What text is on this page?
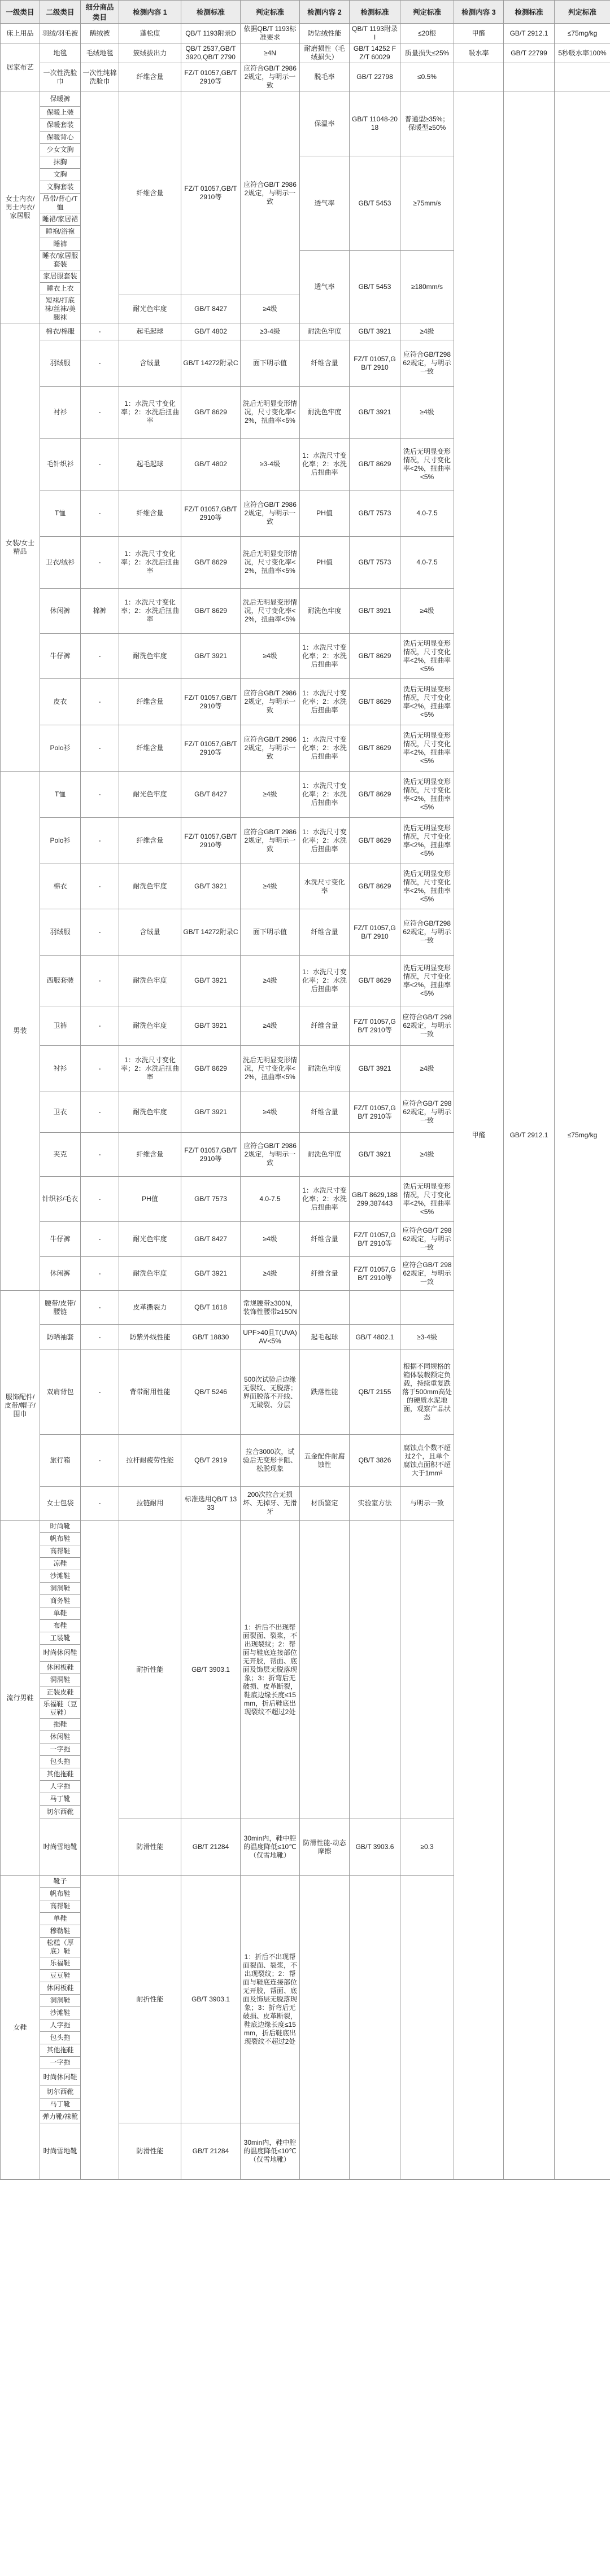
一级类目	二级类目	细分商品类目	检测内容 1	检测标准	判定标准	检测内容 2	检测标准	判定标准	检测内容 3	检测标准	判定标准
床上用品	羽绒/羽毛被	鹅绒被	蓬松度	QB/T 1193附录D	依据QB/T 1193标准要求	防钻绒性能	QB/T 1193附录I	≤20根	甲醛	GB/T 2912.1	≤75mg/kg
居家布艺	地毯	毛绒地毯	簇绒拔出力	QB/T 2537,GB/T 3920,QB/T 2790	≥4N	耐磨损性（毛绒损失）	GB/T 14252 FZ/T 60029	质量损失≤25%	吸水率	GB/T 22799	5秒吸水率100%
	一次性洗脸巾	一次性纯棉洗脸巾	纤维含量	FZ/T 01057,GB/T 2910等	应符合GB/T 29862规定，与明示一致	脱毛率	GB/T 22798	≤0.5%			
女士内衣/男士内衣/家居服	保暖裤		纤维含量	FZ/T 01057,GB/T 2910等	应符合GB/T 29862规定，与明示一致	保温率	GB/T 11048-2018	普通型≥35%；保暖型≥50%	甲醛	GB/T 2912.1	≤75mg/kg
	保暖上装										
	保暖套装										
	保暖背心										
	少女文胸										
	抹胸					透气率	GB/T 5453	≥75mm/s			
	文胸										
	文胸套装										
	吊带/背心/T恤										
	睡裙/家居裙										
	睡袍/浴袍										
	睡裤										
	睡衣/家居服套装					透气率	GB/T 5453	≥180mm/s			
	家居服套装										
	睡衣上衣										
	短袜/打底袜/丝袜/美腿袜		耐光色牢度	GB/T 8427	≥4级						
女装/女士精品	棉衣/棉服	-	起毛起球	GB/T 4802	≥3-4级	耐洗色牢度	GB/T 3921	≥4级			
	羽绒服	-	含绒量	GB/T 14272附录C	面下明示值	纤维含量	FZ/T 01057,GB/T 2910	应符合GB/T29862规定，与明示一致			
	衬衫	-	1：水洗尺寸变化率；2：水洗后扭曲率	GB/T 8629	洗后无明显变形情况，尺寸变化率<2%，扭曲率<5%	耐洗色牢度	GB/T 3921	≥4级			
	毛针织衫	-	起毛起球	GB/T 4802	≥3-4级	1：水洗尺寸变化率；2：水洗后扭曲率	GB/T 8629	洗后无明显变形情况，尺寸变化率<2%，扭曲率<5%			
	T恤	-	纤维含量	FZ/T 01057,GB/T 2910等	应符合GB/T 29862规定，与明示一致	PH值	GB/T 7573	4.0-7.5			
	卫衣/绒衫	-	1：水洗尺寸变化率；2：水洗后扭曲率	GB/T 8629	洗后无明显变形情况，尺寸变化率<2%，扭曲率<5%	PH值	GB/T 7573	4.0-7.5			
	休闲裤	棉裤	1：水洗尺寸变化率；2：水洗后扭曲率	GB/T 8629	洗后无明显变形情况，尺寸变化率<2%，扭曲率<5%	耐洗色牢度	GB/T 3921	≥4级			
	牛仔裤	-	耐洗色牢度	GB/T 3921	≥4级	1：水洗尺寸变化率；2：水洗后扭曲率	GB/T 8629	洗后无明显变形情况，尺寸变化率<2%，扭曲率<5%			
	皮衣	-	纤维含量	FZ/T 01057,GB/T 2910等	应符合GB/T 29862规定，与明示一致	1：水洗尺寸变化率；2：水洗后扭曲率	GB/T 8629	洗后无明显变形情况，尺寸变化率<2%，扭曲率<5%			
	Polo衫	-	纤维含量	FZ/T 01057,GB/T 2910等	应符合GB/T 29862规定，与明示一致	1：水洗尺寸变化率；2：水洗后扭曲率	GB/T 8629	洗后无明显变形情况，尺寸变化率<2%，扭曲率<5%			
男装	T恤	-	耐光色牢度	GB/T 8427	≥4级	1：水洗尺寸变化率；2：水洗后扭曲率	GB/T 8629	洗后无明显变形情况，尺寸变化率<2%，扭曲率<5%			
	Polo衫	-	纤维含量	FZ/T 01057,GB/T 2910等	应符合GB/T 29862规定，与明示一致	1：水洗尺寸变化率；2：水洗后扭曲率	GB/T 8629	洗后无明显变形情况，尺寸变化率<2%，扭曲率<5%			
	棉衣	-	耐洗色牢度	GB/T 3921	≥4级	水洗尺寸变化率	GB/T 8629	洗后无明显变形情况，尺寸变化率<2%，扭曲率<5%			
	羽绒服	-	含绒量	GB/T 14272附录C	面下明示值	纤维含量	FZ/T 01057,GB/T 2910	应符合GB/T29862规定，与明示一致			
	西服套装	-	耐洗色牢度	GB/T 3921	≥4级	1：水洗尺寸变化率；2：水洗后扭曲率	GB/T 8629	洗后无明显变形情况，尺寸变化率<2%，扭曲率<5%			
	卫裤	-	耐洗色牢度	GB/T 3921	≥4级	纤维含量	FZ/T 01057,GB/T 2910等	应符合GB/T 29862规定，与明示一致			
	衬衫	-	1：水洗尺寸变化率；2：水洗后扭曲率	GB/T 8629	洗后无明显变形情况，尺寸变化率<2%，扭曲率<5%	耐洗色牢度	GB/T 3921	≥4级			
	卫衣	-	耐洗色牢度	GB/T 3921	≥4级	纤维含量	FZ/T 01057,GB/T 2910等	应符合GB/T 29862规定，与明示一致			
	夹克	-	纤维含量	FZ/T 01057,GB/T 2910等	应符合GB/T 29862规定，与明示一致	耐洗色牢度	GB/T 3921	≥4级			
	针织衫/毛衣	-	PH值	GB/T 7573	4.0-7.5	1：水洗尺寸变化率；2：水洗后扭曲率	GB/T 8629,188299,387443	洗后无明显变形情况，尺寸变化率<2%，扭曲率<5%			
	牛仔裤	-	耐光色牢度	GB/T 8427	≥4级	纤维含量	FZ/T 01057,GB/T 2910等	应符合GB/T 29862规定，与明示一致			
	休闲裤	-	耐洗色牢度	GB/T 3921	≥4级	纤维含量	FZ/T 01057,GB/T 2910等	应符合GB/T 29862规定，与明示一致			
服饰配件/皮带/帽子/围巾	腰带/皮带/腰链	-	皮革撕裂力	QB/T 1618	常规腰带≥300N，装饰性腰带≥150N						
	防晒袖套	-	防紫外线性能	GB/T 18830	UPF>40且T(UVA)AV<5%	起毛起球	GB/T 4802.1	≥3-4级			
	双肩背包	-	背带耐用性能	QB/T 5246	500次试验后边缘无裂纹、无脱落；界面脱落不开线、无破裂、分层	跌落性能	QB/T 2155	根据不同规格的箱体装载额定负载，持续重复跌落于500mm高处的硬质水泥地面，观察产品状态			
	旅行箱	-	拉杆耐疲劳性能	QB/T 2919	拉合3000次，试验后无变形卡阻、松脱现象	五金配件耐腐蚀性	QB/T 3826	腐蚀点个数不超过2个，且单个腐蚀点面积不超大于1mm²			
	女士包袋	-	拉链耐用	标准选用QB/T 1333	200次拉合无损坏、无掉牙、无滑牙	材质鉴定	实验室方法	与明示一致			
流行男鞋	时尚靴		耐折性能	GB/T 3903.1	1：折后不出现帮面裂面、裂浆，不出现裂纹；2：帮面与鞋底连接部位无开胶，帮面、底面及饰层无脱落现象；3：折弯后无破损、皮革断裂，鞋底边缘长度≤15mm，折后鞋底出现裂纹不超过2处						
	帆布鞋										
	高帮鞋										
	凉鞋										
	沙滩鞋										
	洞洞鞋										
	商务鞋										
	单鞋										
	布鞋										
	工装靴										
	时尚休闲鞋										
	休闲板鞋										
	洞洞鞋										
	正装皮鞋										
	乐福鞋（豆豆鞋）										
	拖鞋										
	休闲鞋										
	一字拖										
	包头拖										
	其他拖鞋										
	人字拖										
	马丁靴										
	切尔西靴										
	时尚雪地靴		防滑性能	GB/T 21284	30min内，鞋中腔的温度降低≤10℃（仅雪地靴）	防滑性能-动态摩擦	GB/T 3903.6	≥0.3			
女鞋	靴子		耐折性能	GB/T 3903.1	1：折后不出现帮面裂面、裂浆，不出现裂纹；2：帮面与鞋底连接部位无开胶，帮面、底面及饰层无脱落现象；3：折弯后无破损、皮革断裂，鞋底边缘长度≤15mm，折后鞋底出现裂纹不超过2处						
	帆布鞋										
	高帮鞋										
	单鞋										
	穆勒鞋										
	松糕（厚底）鞋										
	乐福鞋										
	豆豆鞋										
	休闲板鞋										
	洞洞鞋										
	沙滩鞋										
	人字拖										
	包头拖										
	其他拖鞋										
	一字拖										
	时尚休闲鞋										
	切尔西靴										
	马丁靴										
	弹力靴/袜靴										
	时尚雪地靴		防滑性能	GB/T 21284	30min内，鞋中腔的温度降低≤10℃（仅雪地靴）						
